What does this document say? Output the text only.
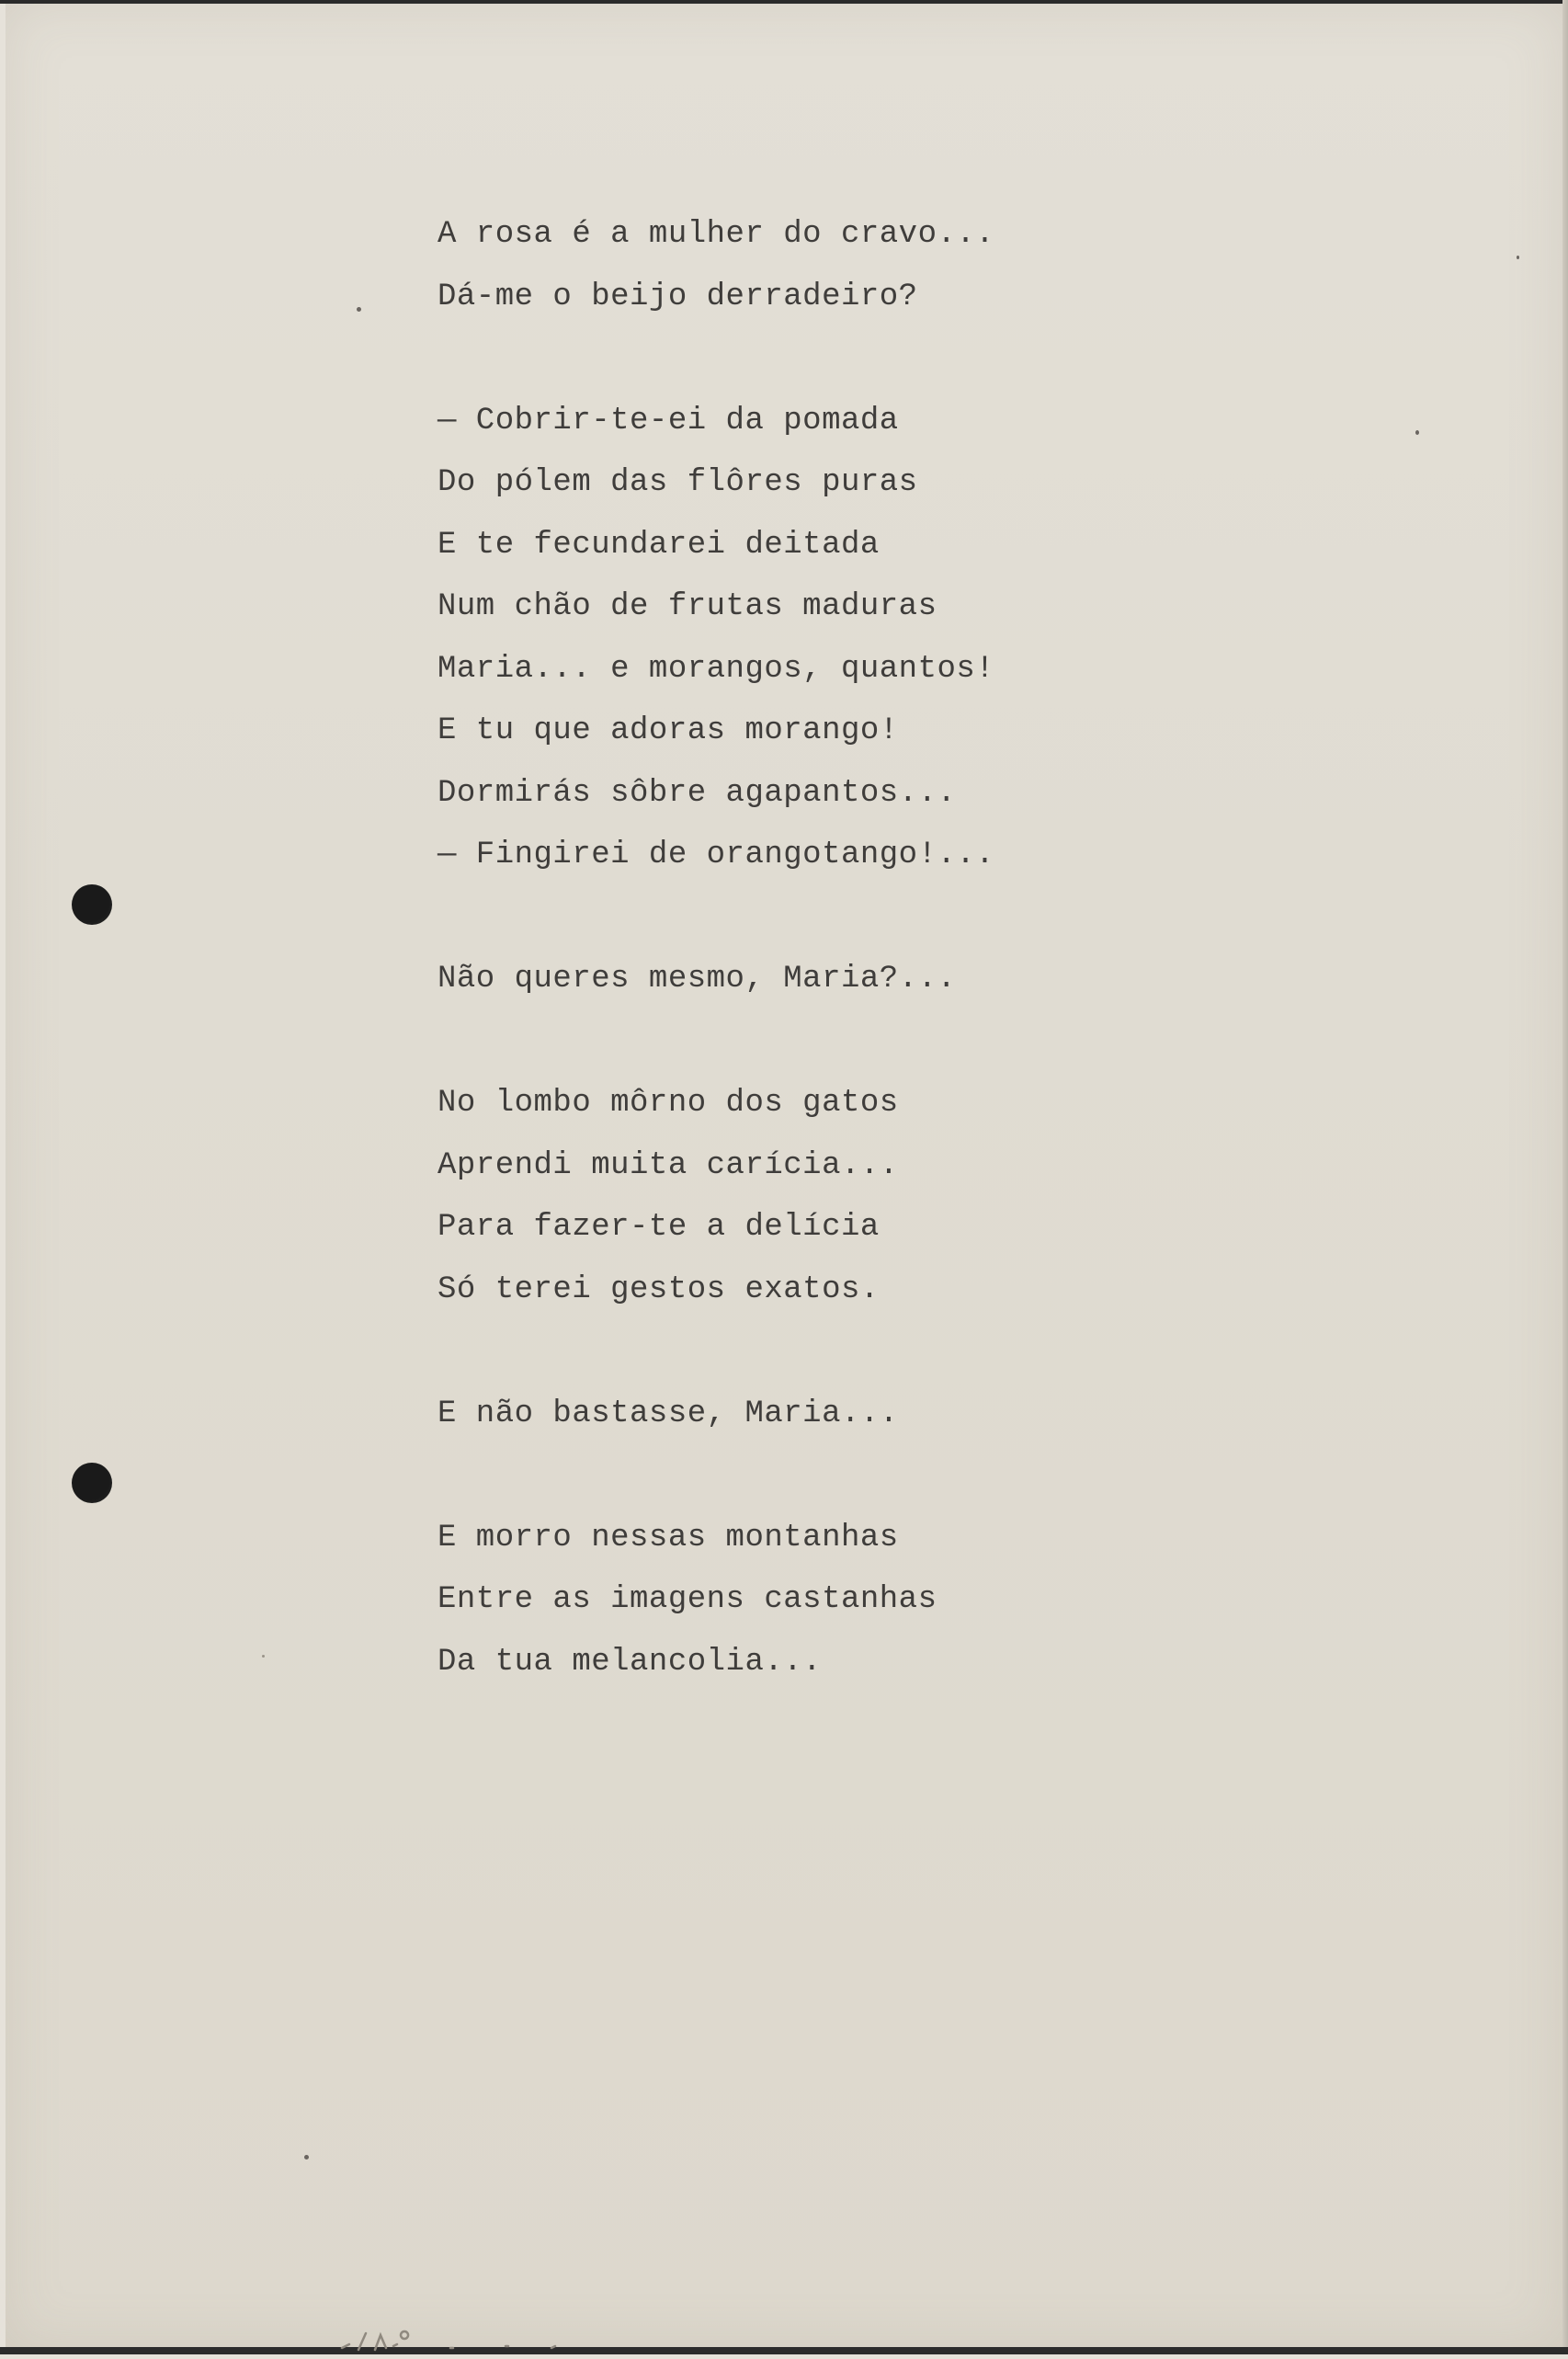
A rosa é a mulher do cravo...
Dá-me o beijo derradeiro?
— Cobrir-te-ei da pomada
Do pólem das flôres puras
E te fecundarei deitada
Num chão de frutas maduras
Maria... e morangos, quantos!
E tu que adoras morango!
Dormirás sôbre agapantos...
— Fingirei de orangotango!...
Não queres mesmo, Maria?...
No lombo môrno dos gatos
Aprendi muita carícia...
Para fazer-te a delícia
Só terei gestos exatos.
E não bastasse, Maria...
E morro nessas montanhas
Entre as imagens castanhas
Da tua melancolia...
